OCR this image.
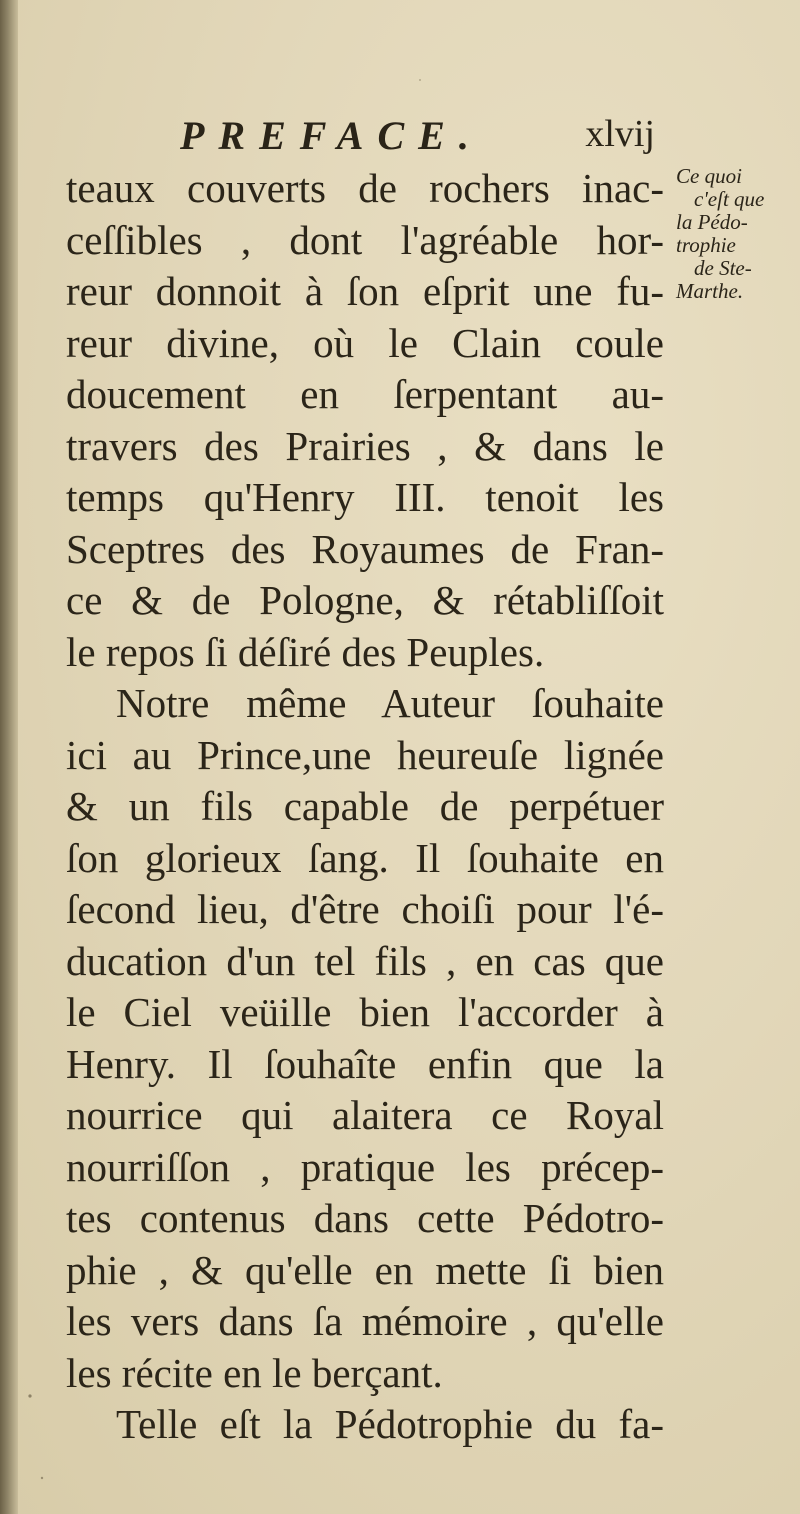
PREFACE.	xlvij
teaux couverts de rochers inac-
ceſſibles , dont l'agréable hor-
reur donnoit à ſon eſprit une fu-
reur divine, où le Clain coule
doucement en ſerpentant au-
travers des Prairies , & dans le
temps qu'Henry III. tenoit les
Sceptres des Royaumes de Fran-
ce & de Pologne, & rétabliſſoit
le repos ſi déſiré des Peuples.
Notre même Auteur ſouhaite
ici au Prince,une heureuſe lignée
& un fils capable de perpétuer
ſon glorieux ſang. Il ſouhaite en
ſecond lieu, d'être choiſi pour l'é-
ducation d'un tel fils , en cas que
le Ciel veüille bien l'accorder à
Henry. Il ſouhaîte enfin que la
nourrice qui alaitera ce Royal
nourriſſon , pratique les précep-
tes contenus dans cette Pédotro-
phie , & qu'elle en mette ſi bien
les vers dans ſa mémoire , qu'elle
les récite en le berçant.
Telle eſt la Pédotrophie du fa-
Ce quoi
c'eſt que
la Pédo-
trophie
de Ste-
Marthe.
